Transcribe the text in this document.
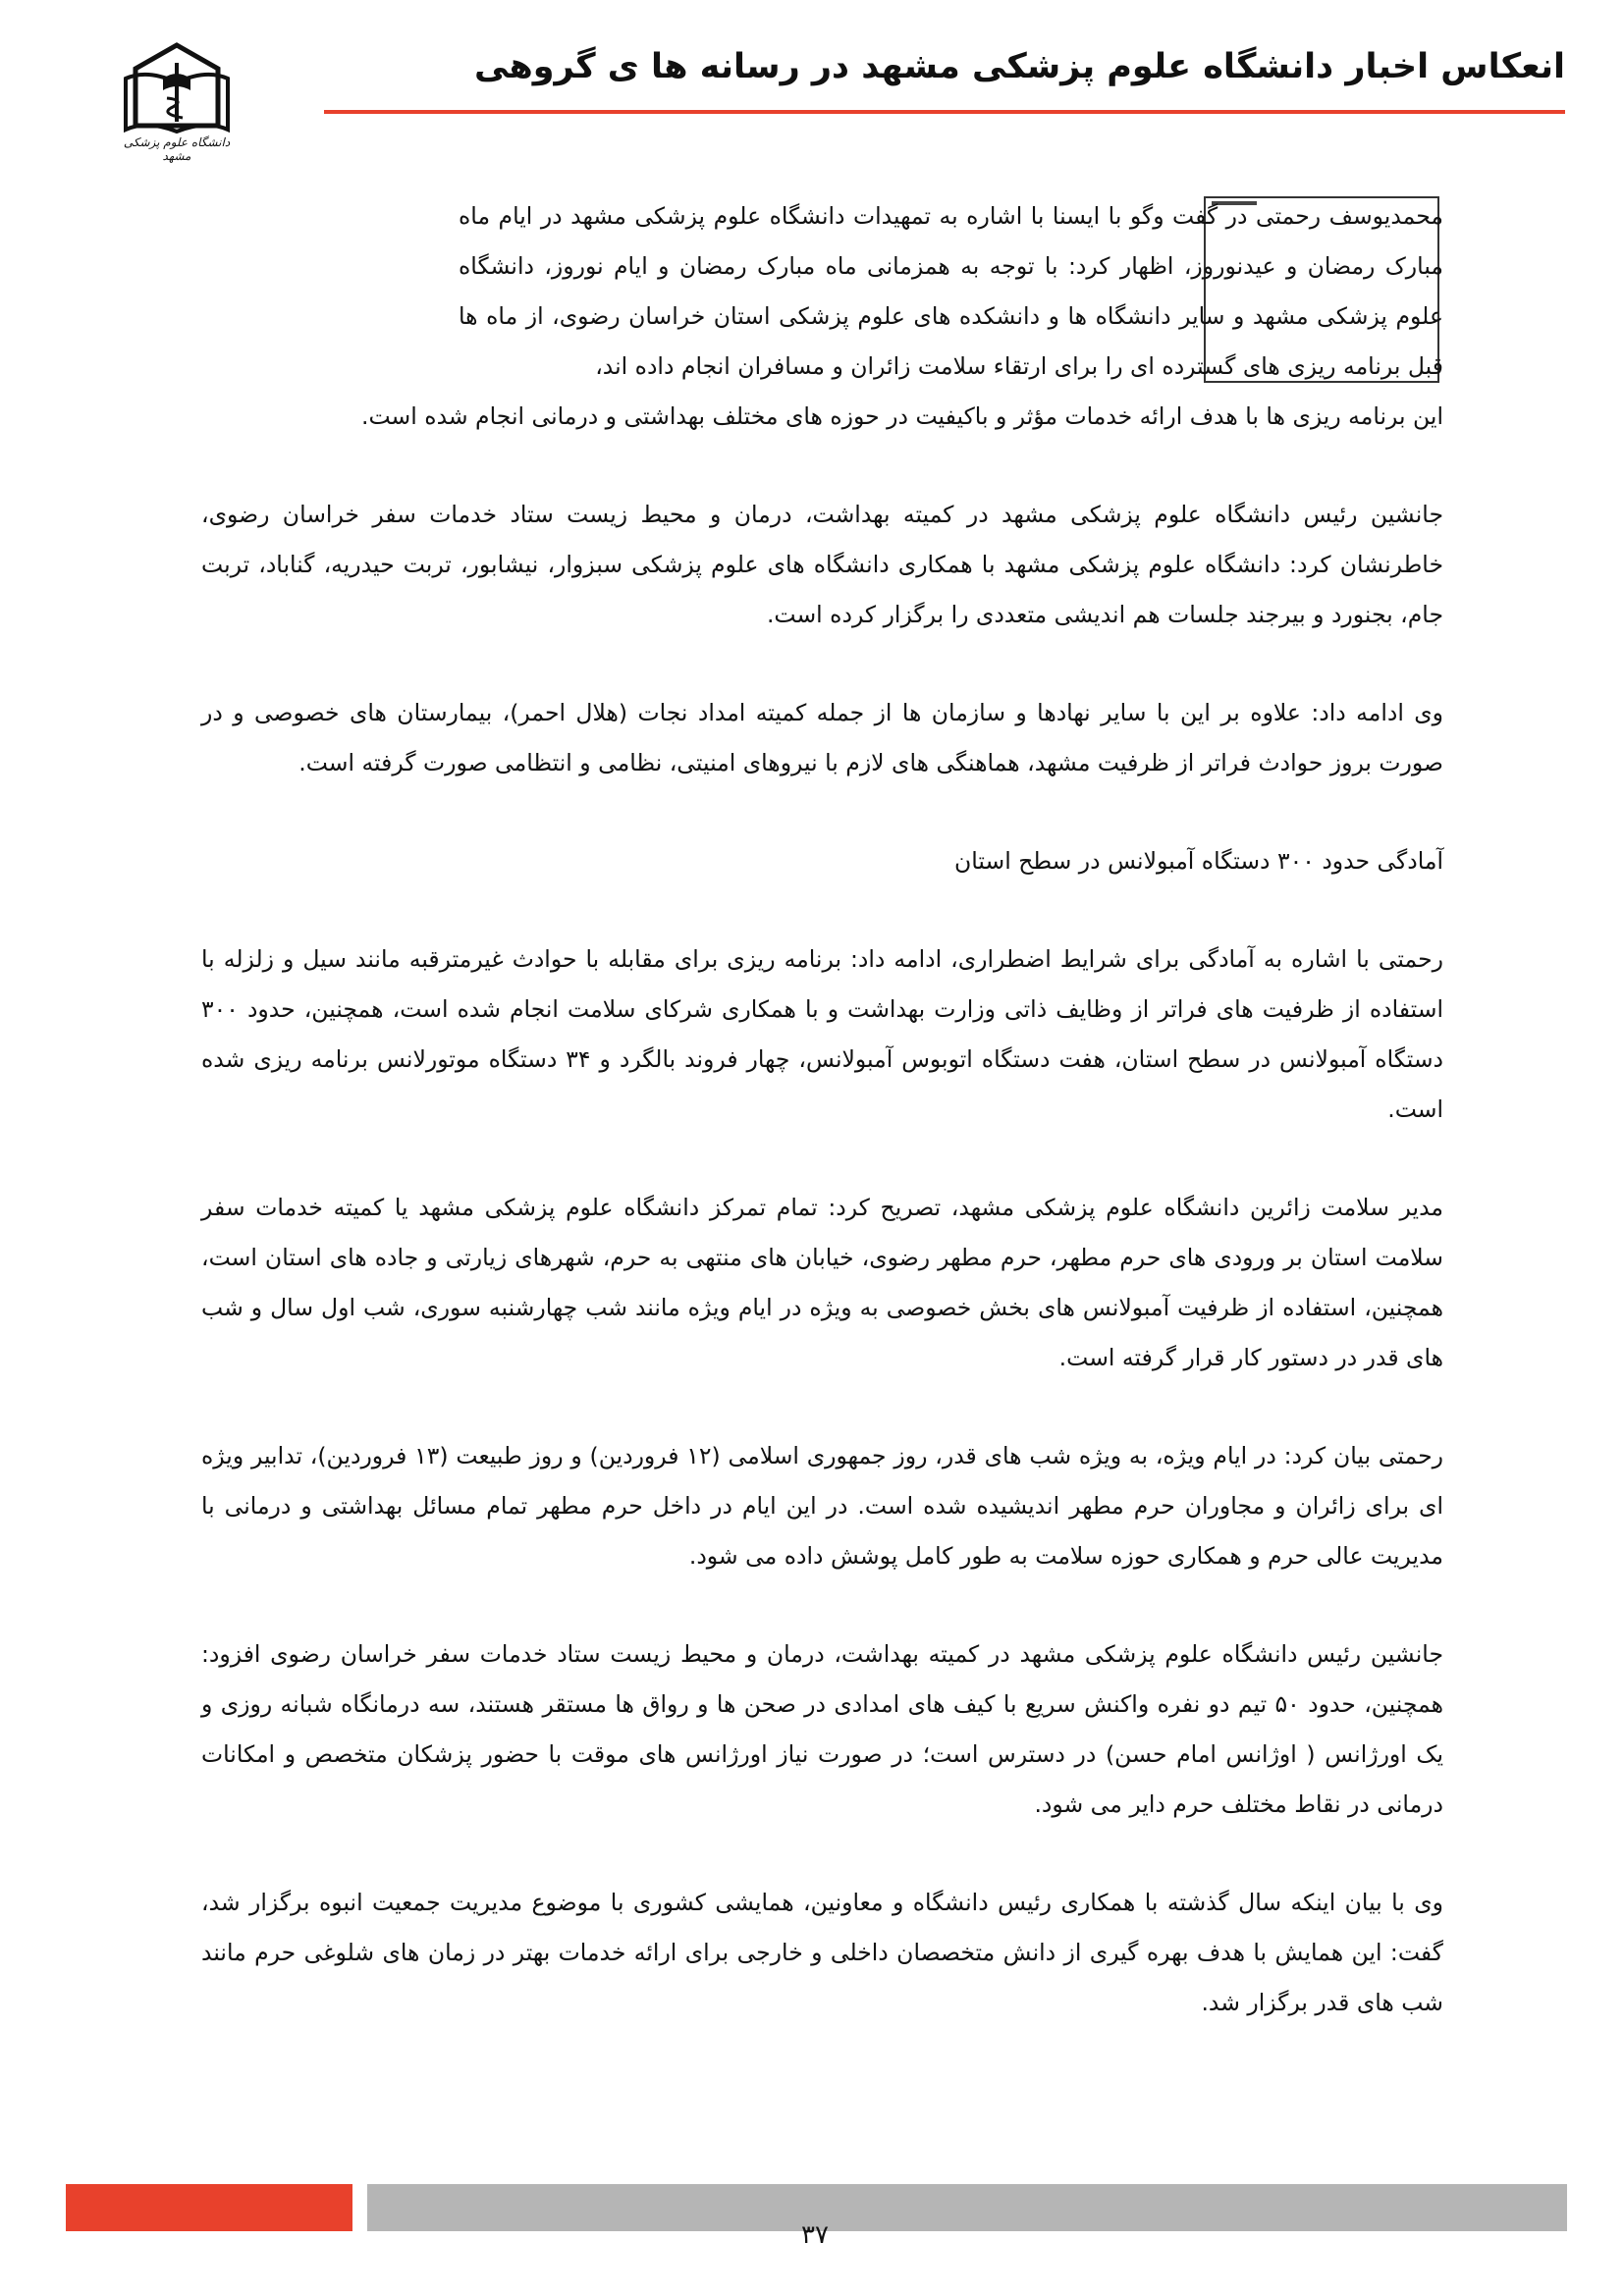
انعکاس اخبار دانشگاه علوم پزشکی مشهد در رسانه ها ی گروهی
دانشگاه علوم پزشکی مشهد
محمدیوسف رحمتی در گفت وگو با ایسنا با اشاره به تمهیدات دانشگاه علوم پزشکی مشهد در ایام ماه مبارک رمضان و عیدنوروز، اظهار کرد: با توجه به همزمانی ماه مبارک رمضان و ایام نوروز، دانشگاه علوم پزشکی مشهد و سایر دانشگاه ها و دانشکده های علوم پزشکی استان خراسان رضوی، از ماه ها قبل برنامه ریزی های گسترده ای را برای ارتقاء سلامت زائران و مسافران انجام داده اند،
این برنامه ریزی ها با هدف ارائه خدمات مؤثر و باکیفیت در حوزه های مختلف بهداشتی و درمانی انجام شده است.

جانشین رئیس دانشگاه علوم پزشکی مشهد در کمیته بهداشت، درمان و محیط زیست ستاد خدمات سفر خراسان رضوی، خاطرنشان کرد: دانشگاه علوم پزشکی مشهد با همکاری دانشگاه های علوم پزشکی سبزوار، نیشابور، تربت حیدریه، گناباد، تربت جام، بجنورد و بیرجند جلسات هم اندیشی متعددی را برگزار کرده است.

وی ادامه داد: علاوه بر این با سایر نهادها و سازمان ها از جمله کمیته امداد نجات (هلال احمر)، بیمارستان های خصوصی و در صورت بروز حوادث فراتر از ظرفیت مشهد، هماهنگی های لازم با نیروهای امنیتی، نظامی و انتظامی صورت گرفته است.

آمادگی حدود ۳۰۰ دستگاه آمبولانس در سطح استان

رحمتی با اشاره به آمادگی برای شرایط اضطراری، ادامه داد: برنامه ریزی برای مقابله با حوادث غیرمترقبه مانند سیل و زلزله با استفاده از ظرفیت های فراتر از وظایف ذاتی وزارت بهداشت و با همکاری شرکای سلامت انجام شده است، همچنین، حدود ۳۰۰ دستگاه آمبولانس در سطح استان، هفت دستگاه اتوبوس آمبولانس، چهار فروند بالگرد و ۳۴ دستگاه موتورلانس برنامه ریزی شده است.

مدیر سلامت زائرین دانشگاه علوم پزشکی مشهد، تصریح کرد: تمام تمرکز دانشگاه علوم پزشکی مشهد یا کمیته خدمات سفر سلامت استان بر ورودی های حرم مطهر، حرم مطهر رضوی، خیابان های منتهی به حرم، شهرهای زیارتی و جاده های استان است، همچنین، استفاده از ظرفیت آمبولانس های بخش خصوصی به ویژه در ایام ویژه مانند شب چهارشنبه سوری، شب اول سال و شب های قدر در دستور کار قرار گرفته است.

رحمتی بیان کرد: در ایام ویژه، به ویژه شب های قدر، روز جمهوری اسلامی (۱۲ فروردین) و روز طبیعت (۱۳ فروردین)، تدابیر ویژه ای برای زائران و مجاوران حرم مطهر اندیشیده شده است. در این ایام در داخل حرم مطهر تمام مسائل بهداشتی و درمانی با مدیریت عالی حرم و همکاری حوزه سلامت به طور کامل پوشش داده می شود.

جانشین رئیس دانشگاه علوم پزشکی مشهد در کمیته بهداشت، درمان و محیط زیست ستاد خدمات سفر خراسان رضوی افزود: همچنین، حدود ۵۰ تیم دو نفره واکنش سریع با کیف های امدادی در صحن ها و رواق ها مستقر هستند، سه درمانگاه شبانه روزی و یک اورژانس ( اوژانس امام حسن) در دسترس است؛ در صورت نیاز اورژانس های موقت با حضور پزشکان متخصص و امکانات درمانی در نقاط مختلف حرم دایر می شود.

وی با بیان اینکه سال گذشته با همکاری رئیس دانشگاه و معاونین، همایشی کشوری با موضوع مدیریت جمعیت انبوه برگزار شد، گفت: این همایش با هدف بهره گیری از دانش متخصصان داخلی و خارجی برای ارائه خدمات بهتر در زمان های شلوغی حرم مانند شب های قدر برگزار شد.

۳۷
